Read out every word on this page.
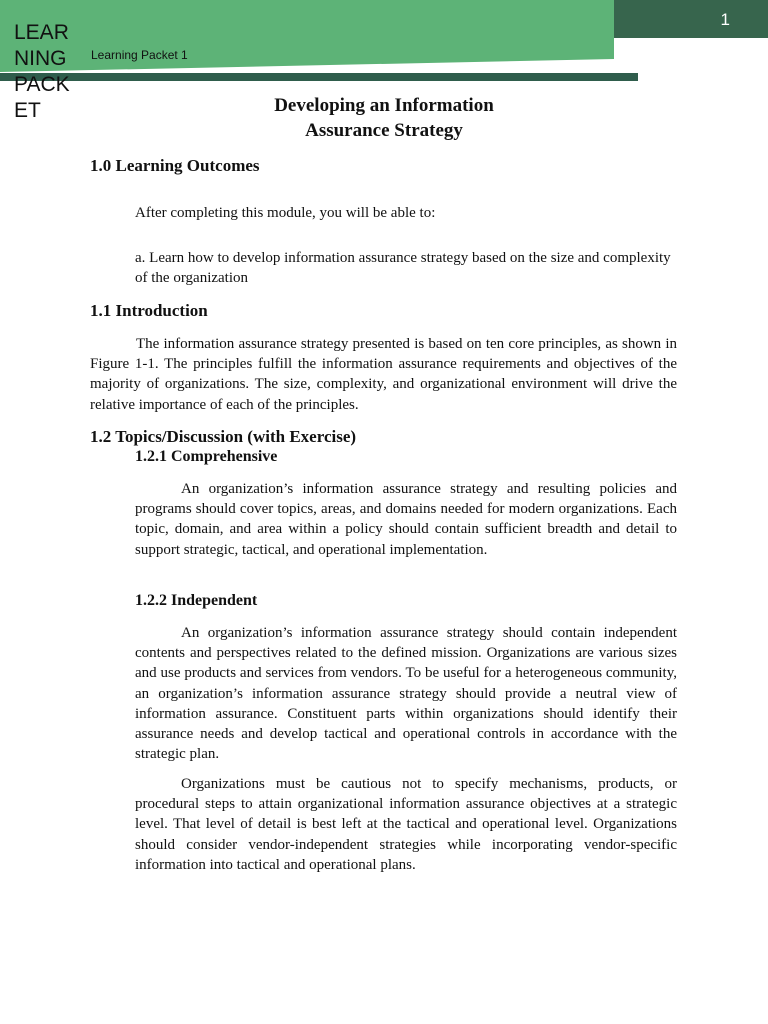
1
LEARNING PACKET
Learning Packet 1
Developing an Information
Assurance Strategy
1.0 Learning Outcomes

After completing this module, you will be able to:

a. Learn how to develop information assurance strategy based on the size and complexity of the organization

1.1 Introduction

The information assurance strategy presented is based on ten core principles, as shown in Figure 1-1. The principles fulfill the information assurance requirements and objectives of the majority of organizations. The size, complexity, and organizational environment will drive the relative importance of each of the principles.

1.2 Topics/Discussion (with Exercise)
1.2.1 Comprehensive

An organization’s information assurance strategy and resulting policies and programs should cover topics, areas, and domains needed for modern organizations. Each topic, domain, and area within a policy should contain sufficient breadth and detail to support strategic, tactical, and operational implementation.

1.2.2 Independent

An organization’s information assurance strategy should contain independent contents and perspectives related to the defined mission. Organizations are various sizes and use products and services from vendors. To be useful for a heterogeneous community, an organization’s information assurance strategy should provide a neutral view of information assurance. Constituent parts within organizations should identify their assurance needs and develop tactical and operational controls in accordance with the strategic plan.

Organizations must be cautious not to specify mechanisms, products, or procedural steps to attain organizational information assurance objectives at a strategic level. That level of detail is best left at the tactical and operational level. Organizations should consider vendor-independent strategies while incorporating vendor-specific information into tactical and operational plans.
